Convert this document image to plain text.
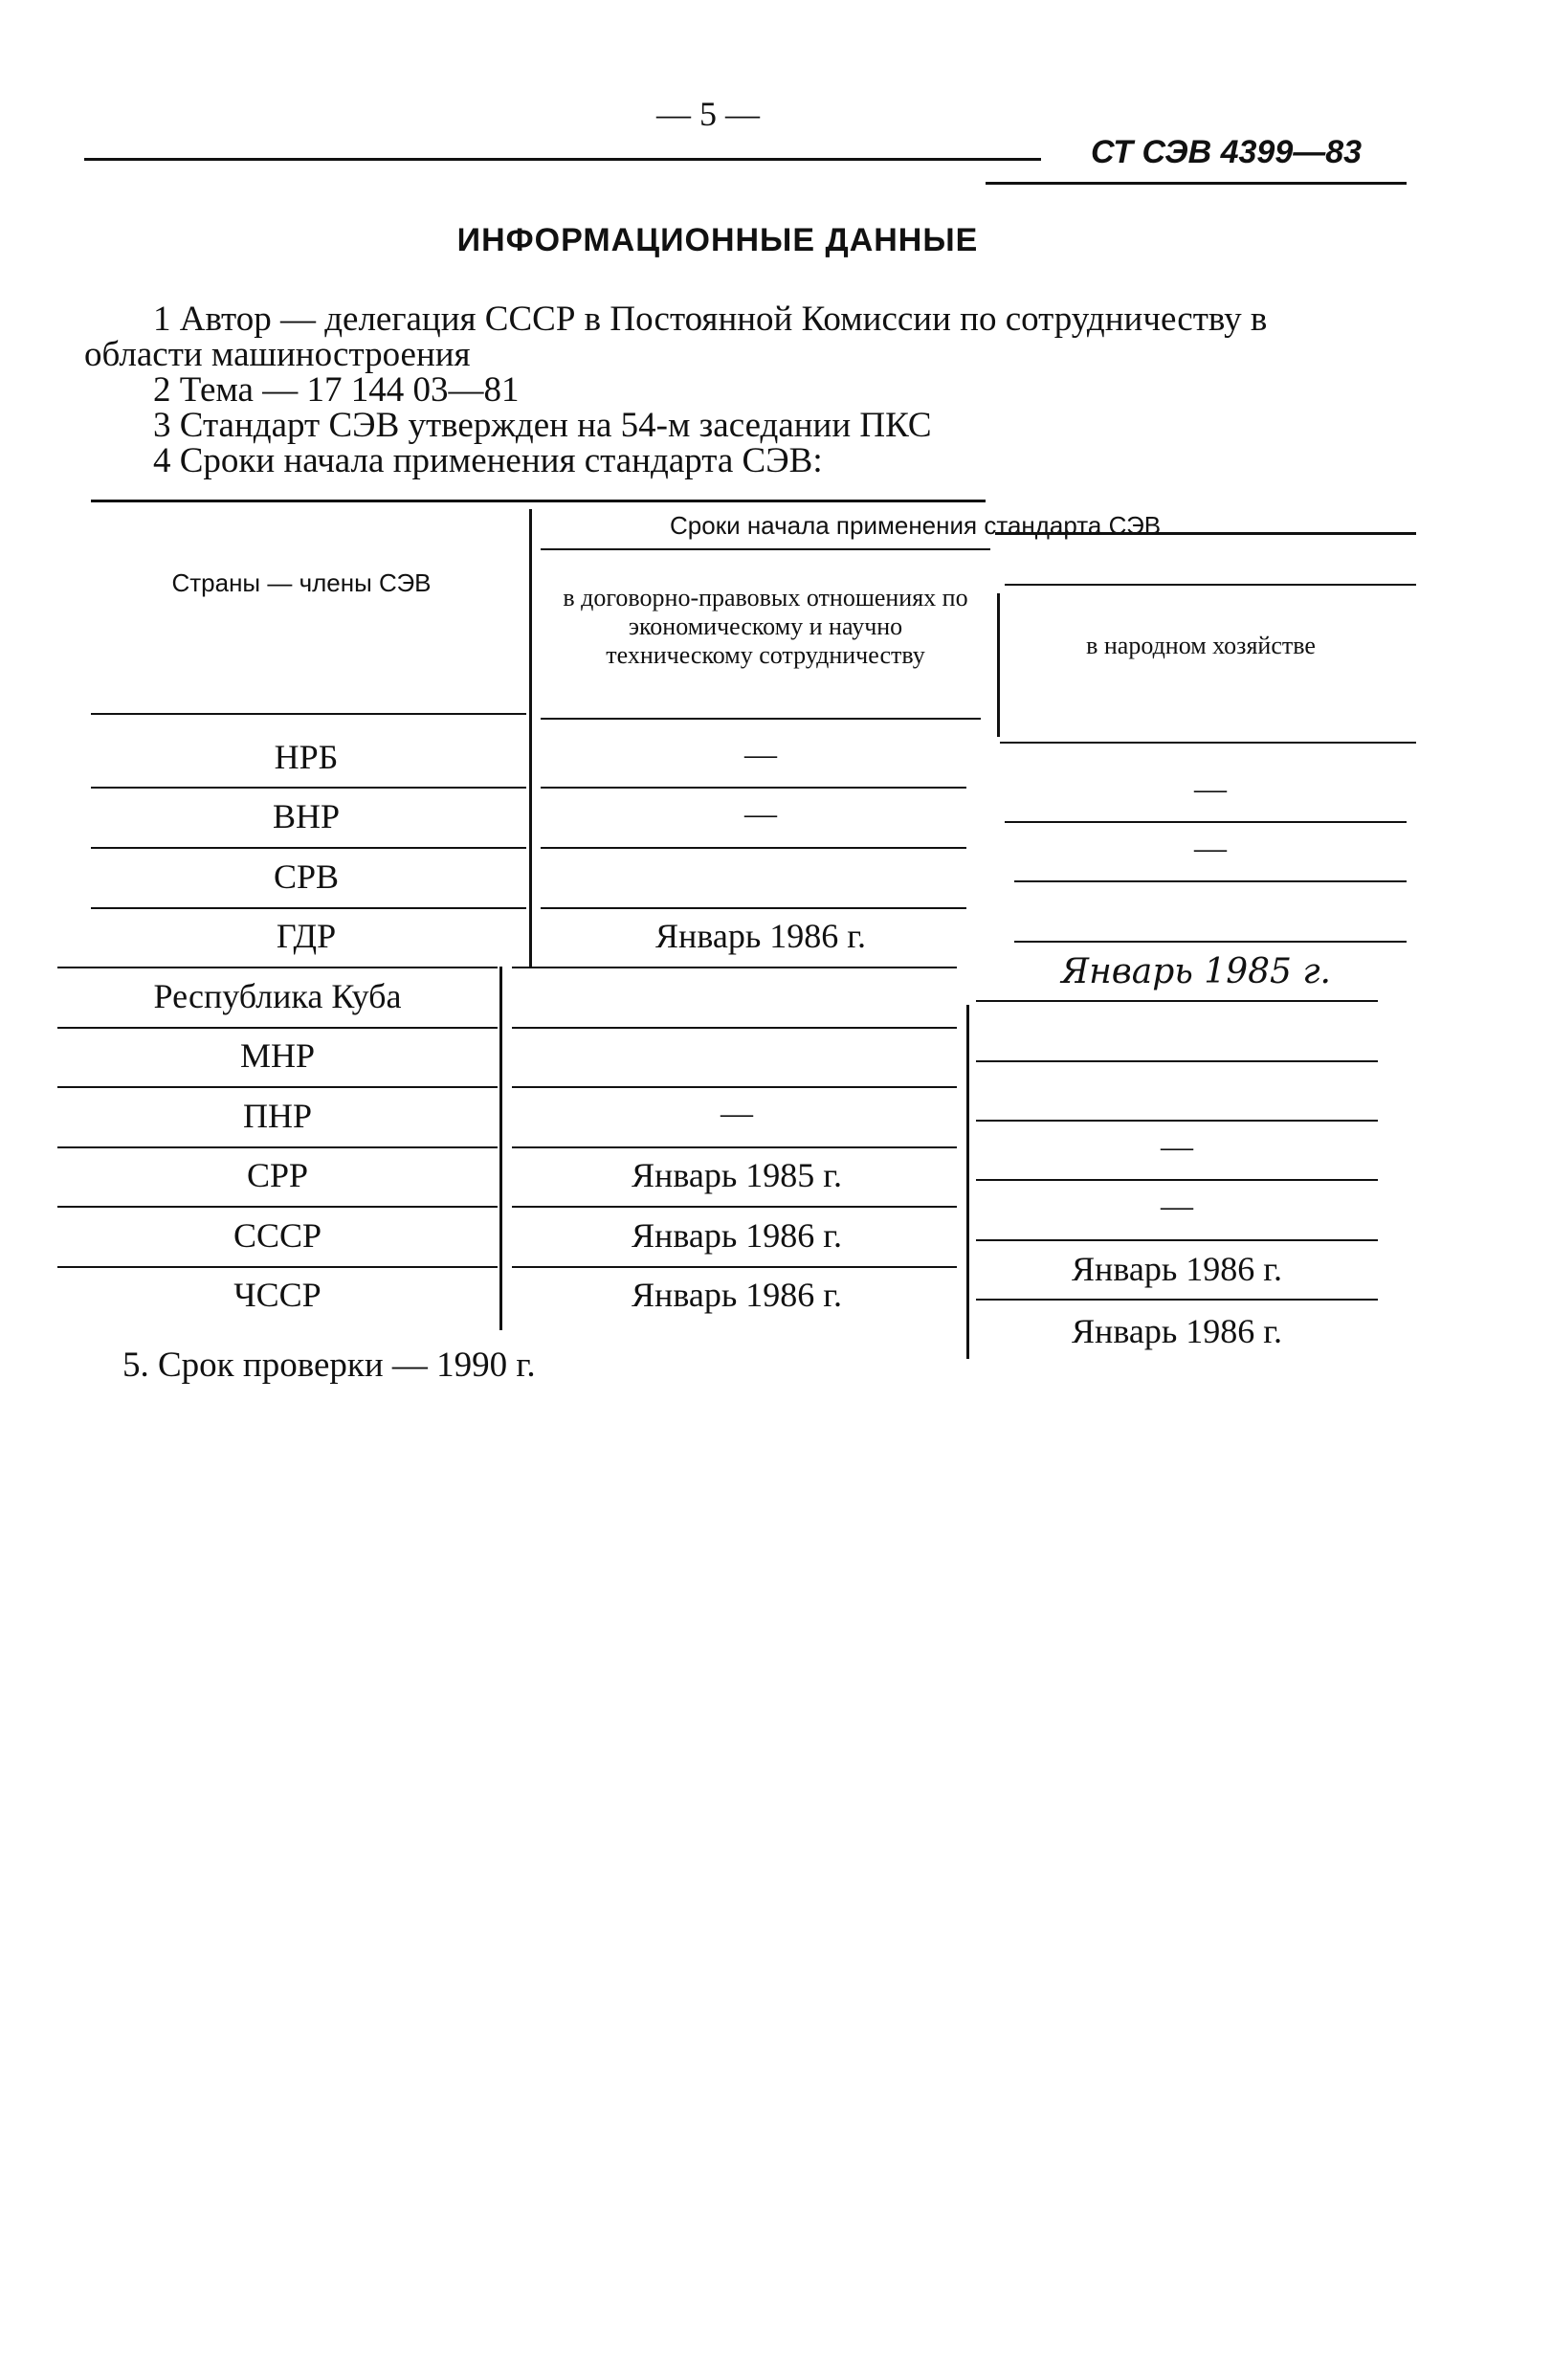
— 5 —
СТ СЭВ 4399—83
ИНФОРМАЦИОННЫЕ ДАННЫЕ
1 Автор — делегация СССР в Постоянной Комиссии по сотрудничеству в
области машиностроения
2 Тема — 17 144 03—81
3 Стандарт СЭВ утвержден на 54-м заседании ПКС
4 Сроки начала применения стандарта СЭВ:
Страны — члены СЭВ
Сроки начала применения стандарта СЭВ
в договорно-правовых отношениях по экономическому и научно техническому сотрудничеству	в народном хозяйстве
НРБ
ВНР
СРВ
ГДР
Республика Куба
МНР
ПНР
СРР
СССР
ЧССР
—
—
Январь 1986 г.
—
Январь 1985 г.
Январь 1986 г.
Январь 1986 г.
—
—
Январь 1985 г.
—
—
Январь 1986 г.
Январь 1986 г.
5. Срок проверки — 1990 г.
